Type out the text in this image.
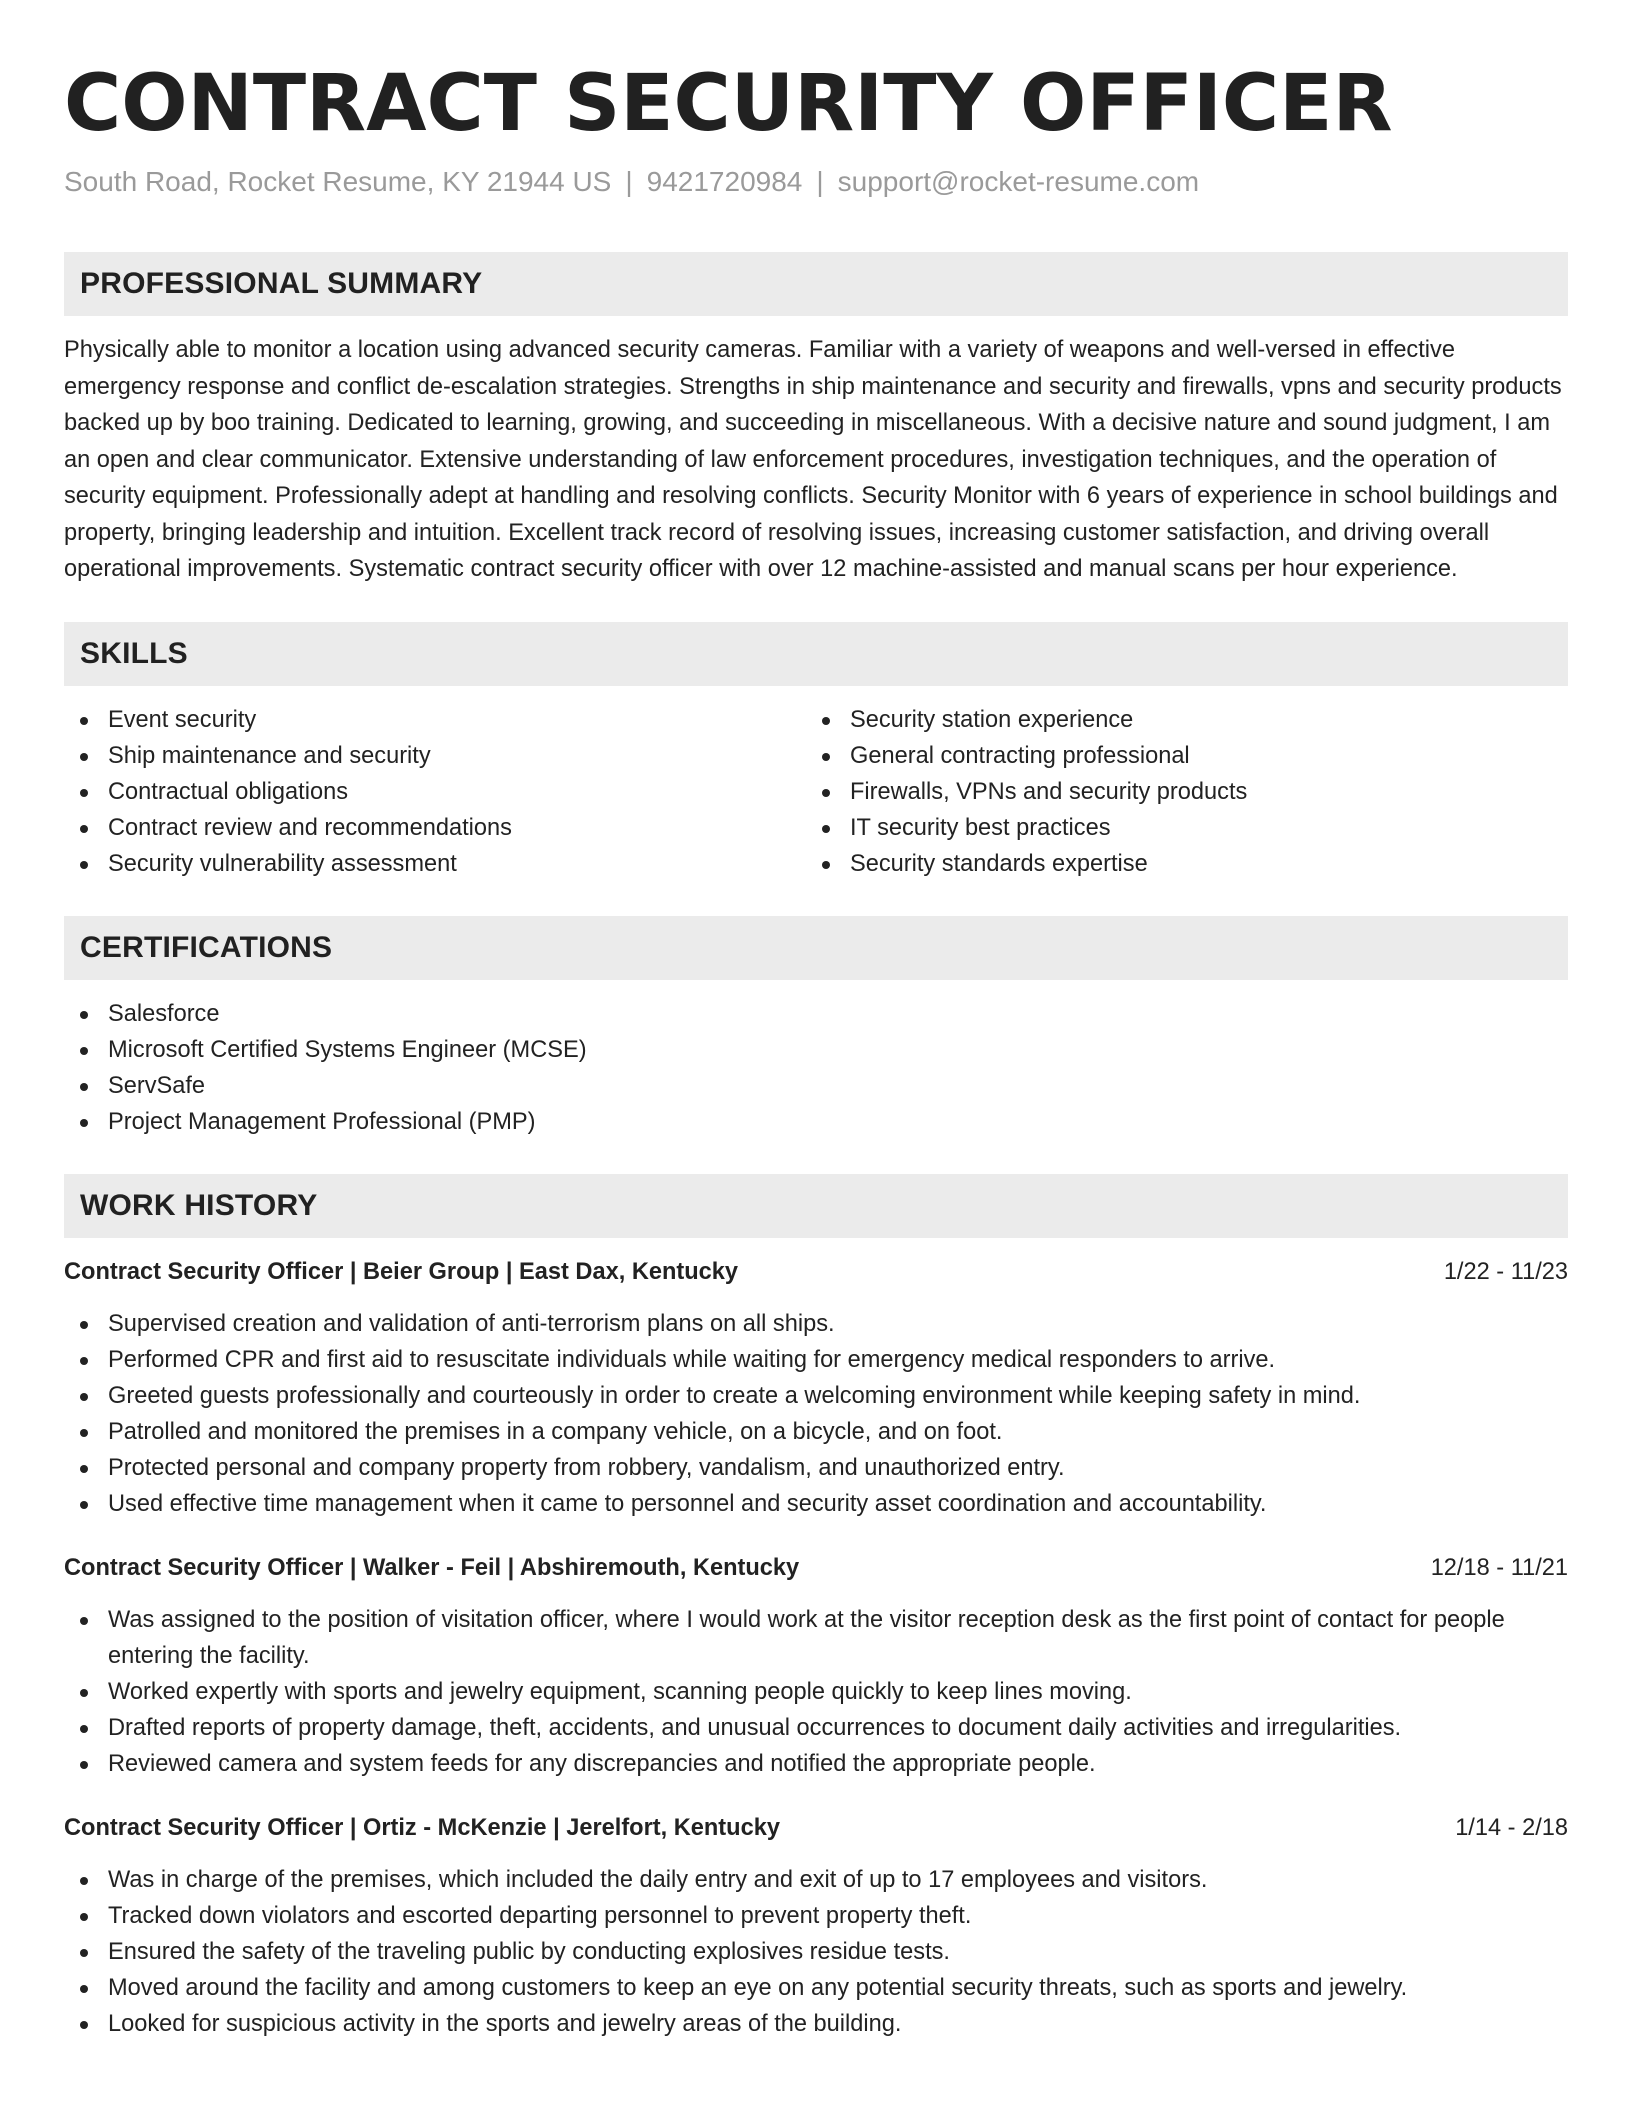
CONTRACT SECURITY OFFICER
South Road, Rocket Resume, KY 21944 US | 9421720984 | support@rocket-resume.com
PROFESSIONAL SUMMARY
Physically able to monitor a location using advanced security cameras. Familiar with a variety of weapons and well-versed in effective emergency response and conflict de-escalation strategies. Strengths in ship maintenance and security and firewalls, vpns and security products backed up by boo training. Dedicated to learning, growing, and succeeding in miscellaneous. With a decisive nature and sound judgment, I am an open and clear communicator. Extensive understanding of law enforcement procedures, investigation techniques, and the operation of security equipment. Professionally adept at handling and resolving conflicts. Security Monitor with 6 years of experience in school buildings and property, bringing leadership and intuition. Excellent track record of resolving issues, increasing customer satisfaction, and driving overall operational improvements. Systematic contract security officer with over 12 machine-assisted and manual scans per hour experience.
SKILLS
Event security
Ship maintenance and security
Contractual obligations
Contract review and recommendations
Security vulnerability assessment
Security station experience
General contracting professional
Firewalls, VPNs and security products
IT security best practices
Security standards expertise
CERTIFICATIONS
Salesforce
Microsoft Certified Systems Engineer (MCSE)
ServSafe
Project Management Professional (PMP)
WORK HISTORY
Contract Security Officer | Beier Group | East Dax, Kentucky	1/22 - 11/23
Supervised creation and validation of anti-terrorism plans on all ships.
Performed CPR and first aid to resuscitate individuals while waiting for emergency medical responders to arrive.
Greeted guests professionally and courteously in order to create a welcoming environment while keeping safety in mind.
Patrolled and monitored the premises in a company vehicle, on a bicycle, and on foot.
Protected personal and company property from robbery, vandalism, and unauthorized entry.
Used effective time management when it came to personnel and security asset coordination and accountability.
Contract Security Officer | Walker - Feil | Abshiremouth, Kentucky	12/18 - 11/21
Was assigned to the position of visitation officer, where I would work at the visitor reception desk as the first point of contact for people entering the facility.
Worked expertly with sports and jewelry equipment, scanning people quickly to keep lines moving.
Drafted reports of property damage, theft, accidents, and unusual occurrences to document daily activities and irregularities.
Reviewed camera and system feeds for any discrepancies and notified the appropriate people.
Contract Security Officer | Ortiz - McKenzie | Jerelfort, Kentucky	1/14 - 2/18
Was in charge of the premises, which included the daily entry and exit of up to 17 employees and visitors.
Tracked down violators and escorted departing personnel to prevent property theft.
Ensured the safety of the traveling public by conducting explosives residue tests.
Moved around the facility and among customers to keep an eye on any potential security threats, such as sports and jewelry.
Looked for suspicious activity in the sports and jewelry areas of the building.
